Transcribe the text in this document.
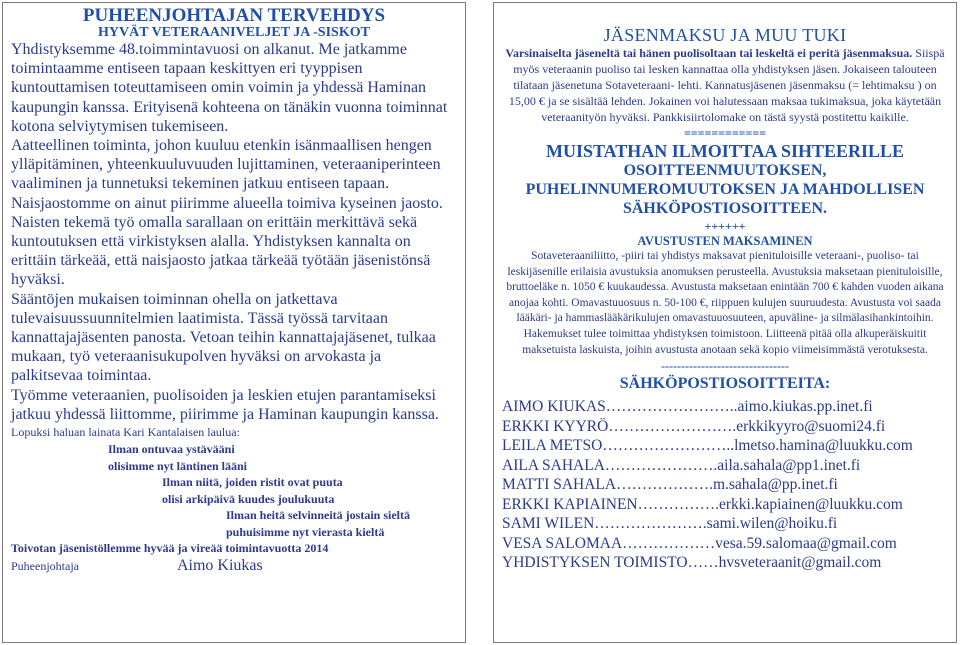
PUHEENJOHTAJAN TERVEHDYS
HYVÄT VETERAANIVELJET JA -SISKOT

Yhdistyksemme 48.toimmintavuosi on alkanut. Me jatkamme toimintaamme entiseen tapaan keskittyen eri tyyppisen kuntouttamisen toteuttamiseen omin voimin ja yhdessä Haminan kaupungin kanssa. Erityisenä kohteena on tänäkin vuonna toiminnat kotona selviytymisen tukemiseen.

Aatteellinen toiminta, johon kuuluu etenkin isänmaallisen hengen ylläpitäminen, yhteenkuuluvuuden lujittaminen, veteraaniperinteen vaaliminen ja tunnetuksi tekeminen jatkuu entiseen tapaan.

Naisjaostomme on ainut piirimme alueella toimiva kyseinen jaosto. Naisten tekemä työ omalla sarallaan on erittäin merkittävä sekä kuntoutuksen että virkistyksen alalla. Yhdistyksen kannalta on erittäin tärkeää, että naisjaosto jatkaa tärkeää työtään jäsenistönsä hyväksi.

Sääntöjen mukaisen toiminnan ohella on jatkettava tulevaisuussuunnitelmien laatimista. Tässä työssä tarvitaan kannattajajäsenten panosta. Vetoan teihin kannattajajäsenet, tulkaa mukaan, työ veteraanisukupolven hyväksi on arvokasta ja palkitsevaa toimintaa.

Työmme veteraanien, puolisoiden ja leskien etujen parantamiseksi jatkuu yhdessä liittomme, piirimme ja Haminan kaupungin kanssa.

Lopuksi haluan lainata Kari Kantalaisen laulua:
Ilman ontuvaa ystävääni
olisimme nyt läntinen lääni
Ilman niitä, joiden ristit ovat puuta
olisi arkipäivä kuudes joulukuuta
Ilman heitä selvinneitä jostain sieltä
puhuisimme nyt vierasta kieltä
Toivotan jäsenistöllemme hyvää ja vireää toimintavuotta 2014
Puheenjohtaja	Aimo Kiukas
JÄSENMAKSU JA MUU TUKI
Varsinaiselta jäseneltä tai hänen puolisoltaan tai leskeltä ei peritä jäsenmaksua. Siispä myös veteraanin puoliso tai lesken kannattaa olla yhdistyksen jäsen. Jokaiseen talouteen tilataan jäsenetuna Sotaveteraani- lehti. Kannatusjäsenen jäsenmaksu (= lehtimaksu ) on 15,00 € ja se sisältää lehden. Jokainen voi halutessaan maksaa tukimaksua, joka käytetään veteraanityön hyväksi. Pankkisiirtolomake on tästä syystä postitettu kaikille.
============
MUISTATHAN ILMOITTAA SIHTEERILLE
OSOITTEENMUUTOKSEN, PUHELINNUMEROMUUTOKSEN JA MAHDOLLISEN SÄHKÖPOSTIOSOITTEEN.
++++++
AVUSTUSTEN MAKSAMINEN
Sotaveteraaniliitto, -piiri tai yhdistys maksavat pienituloisille veteraani-, puoliso- tai leskijäsenille erilaisia avustuksia anomuksen perusteella. Avustuksia maksetaan pienituloisille, bruttoeläke n. 1050 € kuukaudessa. Avustusta maksetaan enintään 700 € kahden vuoden aikana anojaa kohti. Omavastuuosuus n. 50-100 €, riippuen kulujen suuruudesta. Avustusta voi saada lääkäri- ja hammaslääkärikulujen omavastuuosuuteen, apuväline- ja silmälasihankintoihin. Hakemukset tulee toimittaa yhdistyksen toimistoon. Liitteenä pitää olla alkuperäiskuitit maksetuista laskuista, joihin avustusta anotaan sekä kopio viimeisimmästä verotuksesta.
--------------------------------
SÄHKÖPOSTIOSOITTEITA:
AIMO KIUKAS……………………..aimo.kiukas.pp.inet.fi
ERKKI KYYRÖ…………………….erkkikyyro@suomi24.fi
LEILA METSO……………………..lmetso.hamina@luukku.com
AILA SAHALA………………….aila.sahala@pp1.inet.fi
MATTI SAHALA……………….m.sahala@pp.inet.fi
ERKKI KAPIAINEN…………….erkki.kapiainen@luukku.com
SAMI WILEN………………….sami.wilen@hoiku.fi
VESA SALOMAA………………vesa.59.salomaa@gmail.com
YHDISTYKSEN TOIMISTO……hvsveteraanit@gmail.com
